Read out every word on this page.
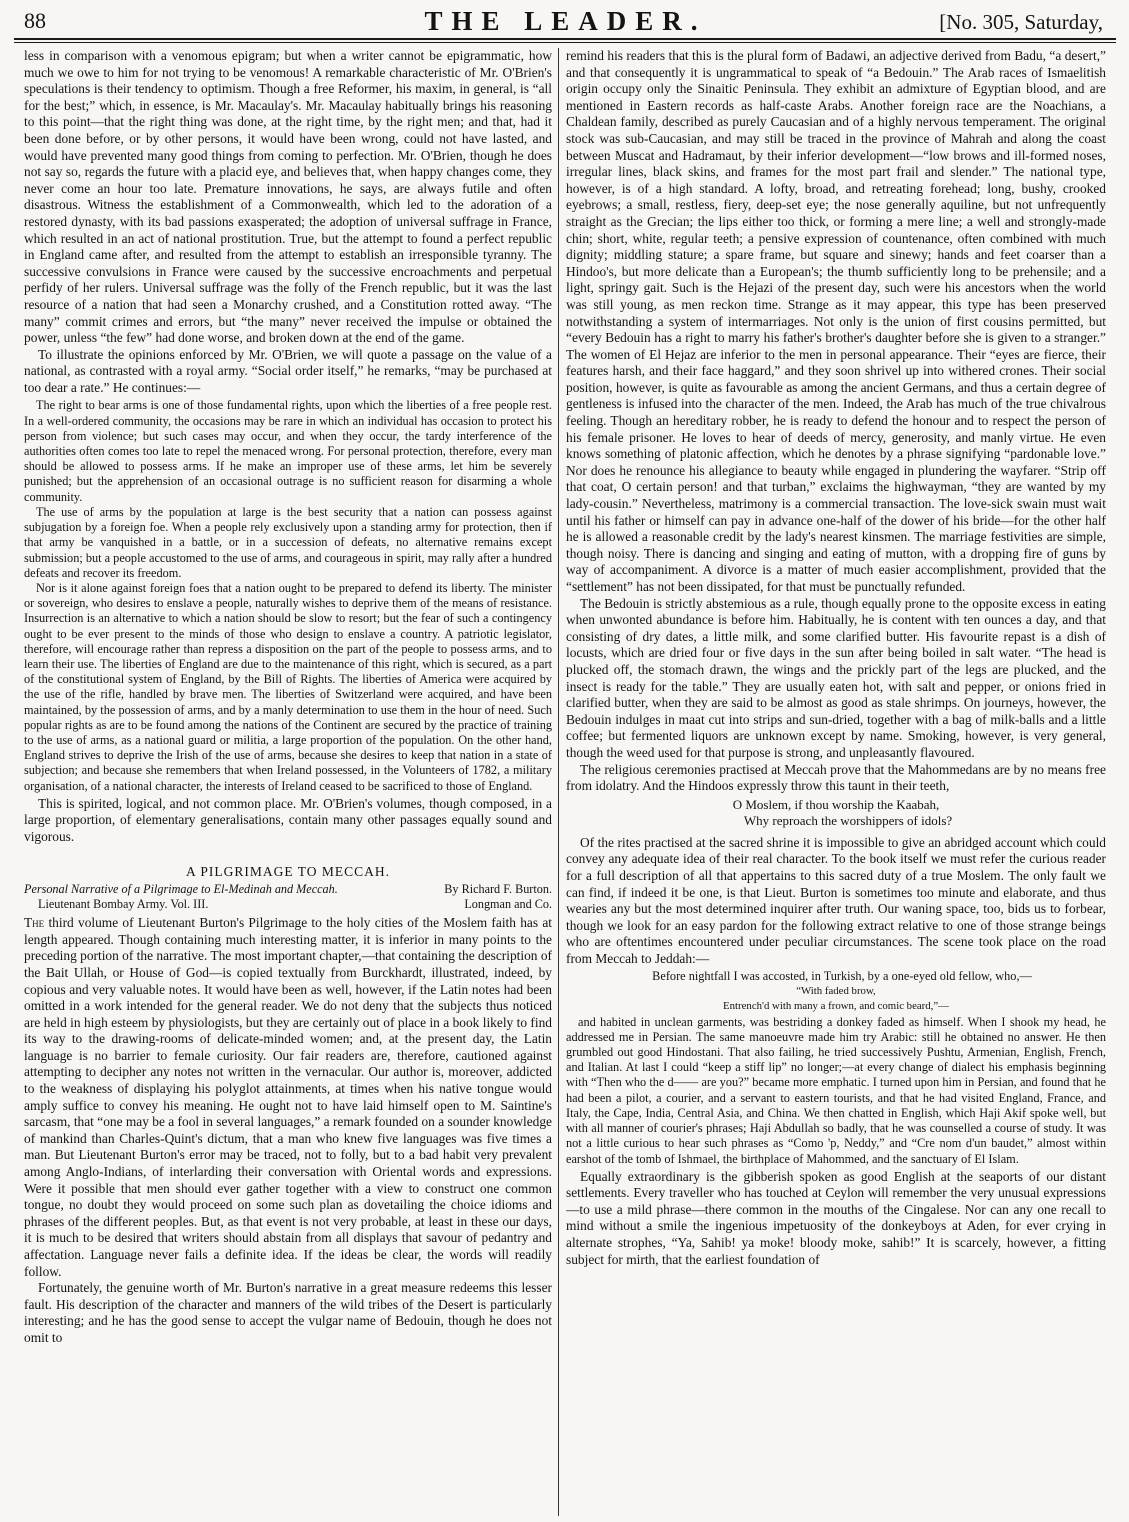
88	THE LEADER.	[No. 305, Saturday,

less in comparison with a venomous epigram; but when a writer cannot be epigrammatic, how much we owe to him for not trying to be venomous! A remarkable characteristic of Mr. O'Brien's speculations is their tendency to optimism. Though a free Reformer, his maxim, in general, is “all for the best;” which, in essence, is Mr. Macaulay's. Mr. Macaulay habitually brings his reasoning to this point—that the right thing was done, at the right time, by the right men; and that, had it been done before, or by other persons, it would have been wrong, could not have lasted, and would have prevented many good things from coming to perfection. Mr. O'Brien, though he does not say so, regards the future with a placid eye, and believes that, when happy changes come, they never come an hour too late. Premature innovations, he says, are always futile and often disastrous. Witness the establishment of a Commonwealth, which led to the adoration of a restored dynasty, with its bad passions exasperated; the adoption of universal suffrage in France, which resulted in an act of national prostitution. True, but the attempt to found a perfect republic in England came after, and resulted from the attempt to establish an irresponsible tyranny. The successive convulsions in France were caused by the successive encroachments and perpetual perfidy of her rulers. Universal suffrage was the folly of the French republic, but it was the last resource of a nation that had seen a Monarchy crushed, and a Constitution rotted away. “The many” commit crimes and errors, but “the many” never received the impulse or obtained the power, unless “the few” had done worse, and broken down at the end of the game.

To illustrate the opinions enforced by Mr. O'Brien, we will quote a passage on the value of a national, as contrasted with a royal army. “Social order itself,” he remarks, “may be purchased at too dear a rate.” He continues:—

The right to bear arms is one of those fundamental rights, upon which the liberties of a free people rest. In a well-ordered community, the occasions may be rare in which an individual has occasion to protect his person from violence; but such cases may occur, and when they occur, the tardy interference of the authorities often comes too late to repel the menaced wrong. For personal protection, therefore, every man should be allowed to possess arms. If he make an improper use of these arms, let him be severely punished; but the apprehension of an occasional outrage is no sufficient reason for disarming a whole community.

The use of arms by the population at large is the best security that a nation can possess against subjugation by a foreign foe. When a people rely exclusively upon a standing army for protection, then if that army be vanquished in a battle, or in a succession of defeats, no alternative remains except submission; but a people accustomed to the use of arms, and courageous in spirit, may rally after a hundred defeats and recover its freedom.

Nor is it alone against foreign foes that a nation ought to be prepared to defend its liberty. The minister or sovereign, who desires to enslave a people, naturally wishes to deprive them of the means of resistance. Insurrection is an alternative to which a nation should be slow to resort; but the fear of such a contingency ought to be ever present to the minds of those who design to enslave a country. A patriotic legislator, therefore, will encourage rather than repress a disposition on the part of the people to possess arms, and to learn their use. The liberties of England are due to the maintenance of this right, which is secured, as a part of the constitutional system of England, by the Bill of Rights. The liberties of America were acquired by the use of the rifle, handled by brave men. The liberties of Switzerland were acquired, and have been maintained, by the possession of arms, and by a manly determination to use them in the hour of need. Such popular rights as are to be found among the nations of the Continent are secured by the practice of training to the use of arms, as a national guard or militia, a large proportion of the population. On the other hand, England strives to deprive the Irish of the use of arms, because she desires to keep that nation in a state of subjection; and because she remembers that when Ireland possessed, in the Volunteers of 1782, a military organisation, of a national character, the interests of Ireland ceased to be sacrificed to those of England.

This is spirited, logical, and not common place. Mr. O'Brien's volumes, though composed, in a large proportion, of elementary generalisations, contain many other passages equally sound and vigorous.

A PILGRIMAGE TO MECCAH.
Personal Narrative of a Pilgrimage to El-Medinah and Meccah.	By Richard F. Burton.
Lieutenant Bombay Army. Vol. III.	Longman and Co.

The third volume of Lieutenant Burton's Pilgrimage to the holy cities of the Moslem faith has at length appeared. Though containing much interesting matter, it is inferior in many points to the preceding portion of the narrative. The most important chapter,—that containing the description of the Bait Ullah, or House of God—is copied textually from Burckhardt, illustrated, indeed, by copious and very valuable notes. It would have been as well, however, if the Latin notes had been omitted in a work intended for the general reader. We do not deny that the subjects thus noticed are held in high esteem by physiologists, but they are certainly out of place in a book likely to find its way to the drawing-rooms of delicate-minded women; and, at the present day, the Latin language is no barrier to female curiosity. Our fair readers are, therefore, cautioned against attempting to decipher any notes not written in the vernacular. Our author is, moreover, addicted to the weakness of displaying his polyglot attainments, at times when his native tongue would amply suffice to convey his meaning. He ought not to have laid himself open to M. Saintine's sarcasm, that “one may be a fool in several languages,” a remark founded on a sounder knowledge of mankind than Charles-Quint's dictum, that a man who knew five languages was five times a man. But Lieutenant Burton's error may be traced, not to folly, but to a bad habit very prevalent among Anglo-Indians, of interlarding their conversation with Oriental words and expressions. Were it possible that men should ever gather together with a view to construct one common tongue, no doubt they would proceed on some such plan as dovetailing the choice idioms and phrases of the different peoples. But, as that event is not very probable, at least in these our days, it is much to be desired that writers should abstain from all displays that savour of pedantry and affectation. Language never fails a definite idea. If the ideas be clear, the words will readily follow.

Fortunately, the genuine worth of Mr. Burton's narrative in a great measure redeems this lesser fault. His description of the character and manners of the wild tribes of the Desert is particularly interesting; and he has the good sense to accept the vulgar name of Bedouin, though he does not omit to

remind his readers that this is the plural form of Badawi, an adjective derived from Badu, “a desert,” and that consequently it is ungrammatical to speak of “a Bedouin.” The Arab races of Ismaelitish origin occupy only the Sinaitic Peninsula. They exhibit an admixture of Egyptian blood, and are mentioned in Eastern records as half-caste Arabs. Another foreign race are the Noachians, a Chaldean family, described as purely Caucasian and of a highly nervous temperament. The original stock was sub-Caucasian, and may still be traced in the province of Mahrah and along the coast between Muscat and Hadramaut, by their inferior development—“low brows and ill-formed noses, irregular lines, black skins, and frames for the most part frail and slender.” The national type, however, is of a high standard. A lofty, broad, and retreating forehead; long, bushy, crooked eyebrows; a small, restless, fiery, deep-set eye; the nose generally aquiline, but not unfrequently straight as the Grecian; the lips either too thick, or forming a mere line; a well and strongly-made chin; short, white, regular teeth; a pensive expression of countenance, often combined with much dignity; middling stature; a spare frame, but square and sinewy; hands and feet coarser than a Hindoo's, but more delicate than a European's; the thumb sufficiently long to be prehensile; and a light, springy gait. Such is the Hejazi of the present day, such were his ancestors when the world was still young, as men reckon time. Strange as it may appear, this type has been preserved notwithstanding a system of intermarriages. Not only is the union of first cousins permitted, but “every Bedouin has a right to marry his father's brother's daughter before she is given to a stranger.” The women of El Hejaz are inferior to the men in personal appearance. Their “eyes are fierce, their features harsh, and their face haggard,” and they soon shrivel up into withered crones. Their social position, however, is quite as favourable as among the ancient Germans, and thus a certain degree of gentleness is infused into the character of the men. Indeed, the Arab has much of the true chivalrous feeling. Though an hereditary robber, he is ready to defend the honour and to respect the person of his female prisoner. He loves to hear of deeds of mercy, generosity, and manly virtue. He even knows something of platonic affection, which he denotes by a phrase signifying “pardonable love.” Nor does he renounce his allegiance to beauty while engaged in plundering the wayfarer. “Strip off that coat, O certain person! and that turban,” exclaims the highwayman, “they are wanted by my lady-cousin.” Nevertheless, matrimony is a commercial transaction. The love-sick swain must wait until his father or himself can pay in advance one-half of the dower of his bride—for the other half he is allowed a reasonable credit by the lady's nearest kinsmen. The marriage festivities are simple, though noisy. There is dancing and singing and eating of mutton, with a dropping fire of guns by way of accompaniment. A divorce is a matter of much easier accomplishment, provided that the “settlement” has not been dissipated, for that must be punctually refunded.

The Bedouin is strictly abstemious as a rule, though equally prone to the opposite excess in eating when unwonted abundance is before him. Habitually, he is content with ten ounces a day, and that consisting of dry dates, a little milk, and some clarified butter. His favourite repast is a dish of locusts, which are dried four or five days in the sun after being boiled in salt water. “The head is plucked off, the stomach drawn, the wings and the prickly part of the legs are plucked, and the insect is ready for the table.” They are usually eaten hot, with salt and pepper, or onions fried in clarified butter, when they are said to be almost as good as stale shrimps. On journeys, however, the Bedouin indulges in maat cut into strips and sun-dried, together with a bag of milk-balls and a little coffee; but fermented liquors are unknown except by name. Smoking, however, is very general, though the weed used for that purpose is strong, and unpleasantly flavoured.

The religious ceremonies practised at Meccah prove that the Mahommedans are by no means free from idolatry. And the Hindoos expressly throw this taunt in their teeth,

O Moslem, if thou worship the Kaabah,
Why reproach the worshippers of idols?

Of the rites practised at the sacred shrine it is impossible to give an abridged account which could convey any adequate idea of their real character. To the book itself we must refer the curious reader for a full description of all that appertains to this sacred duty of a true Moslem. The only fault we can find, if indeed it be one, is that Lieut. Burton is sometimes too minute and elaborate, and thus wearies any but the most determined inquirer after truth. Our waning space, too, bids us to forbear, though we look for an easy pardon for the following extract relative to one of those strange beings who are oftentimes encountered under peculiar circumstances. The scene took place on the road from Meccah to Jeddah:—

Before nightfall I was accosted, in Turkish, by a one-eyed old fellow, who,—

“With faded brow,
Entrench'd with many a frown, and comic beard,”—

and habited in unclean garments, was bestriding a donkey faded as himself. When I shook my head, he addressed me in Persian. The same manoeuvre made him try Arabic: still he obtained no answer. He then grumbled out good Hindostani. That also failing, he tried successively Pushtu, Armenian, English, French, and Italian. At last I could “keep a stiff lip” no longer;—at every change of dialect his emphasis beginning with “Then who the d—— are you?” became more emphatic. I turned upon him in Persian, and found that he had been a pilot, a courier, and a servant to eastern tourists, and that he had visited England, France, and Italy, the Cape, India, Central Asia, and China. We then chatted in English, which Haji Akif spoke well, but with all manner of courier's phrases; Haji Abdullah so badly, that he was counselled a course of study. It was not a little curious to hear such phrases as “Como 'p, Neddy,” and “Cre nom d'un baudet,” almost within earshot of the tomb of Ishmael, the birthplace of Mahommed, and the sanctuary of El Islam.

Equally extraordinary is the gibberish spoken as good English at the seaports of our distant settlements. Every traveller who has touched at Ceylon will remember the very unusual expressions—to use a mild phrase—there common in the mouths of the Cingalese. Nor can any one recall to mind without a smile the ingenious impetuosity of the donkeyboys at Aden, for ever crying in alternate strophes, “Ya, Sahib! ya moke! bloody moke, sahib!” It is scarcely, however, a fitting subject for mirth, that the earliest foundation of
